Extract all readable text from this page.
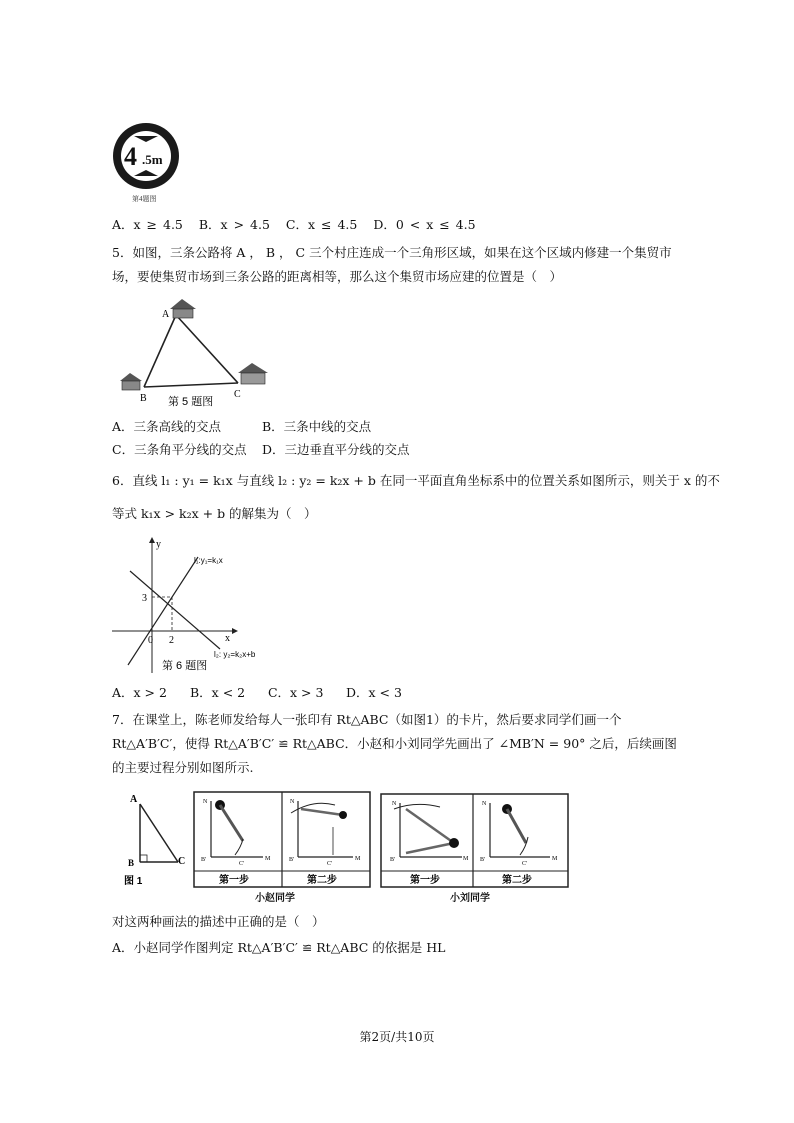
4 .5m
第4题图
A．x ≥ 4.5 B．x > 4.5 C．x ≤ 4.5 D．0 < x ≤ 4.5
5．如图，三条公路将 A ， B ， C 三个村庄连成一个三角形区域，如果在这个区域内修建一个集贸市
场，要使集贸市场到三条公路的距离相等，那么这个集贸市场应建的位置是（　）
A
B	C
第 5 题图
A．三条高线的交点	B．三条中线的交点
C．三条角平分线的交点 D．三边垂直平分线的交点
6．直线 l₁ : y₁ = k₁x 与直线 l₂ : y₂ = k₂x + b 在同一平面直角坐标系中的位置关系如图所示，则关于 x 的不
等式 k₁x > k₂x + b 的解集为（　）
y
x
0 2
3
l₁:y₁=k₁x
l₂: y₂=k₂x+b
第 6 题图
A．x > 2 B．x < 2 C．x > 3 D．x < 3
7．在课堂上，陈老师发给每人一张印有 Rt△ABC（如图1）的卡片，然后要求同学们画一个
Rt△A′B′C′，使得 Rt△A′B′C′ ≌ Rt△ABC．小赵和小刘同学先画出了 ∠MB′N = 90° 之后，后续画图
的主要过程分别如图所示.
A
B	C
图 1
N
B'
C'
M
第一步
N
B'
C'
M
第二步
小赵同学
N
B'	M
第一步
N
B'
C'
M
第二步
小刘同学
对这两种画法的描述中正确的是（　）
A．小赵同学作图判定 Rt△A′B′C′ ≌ Rt△ABC 的依据是 HL
第2页/共10页
